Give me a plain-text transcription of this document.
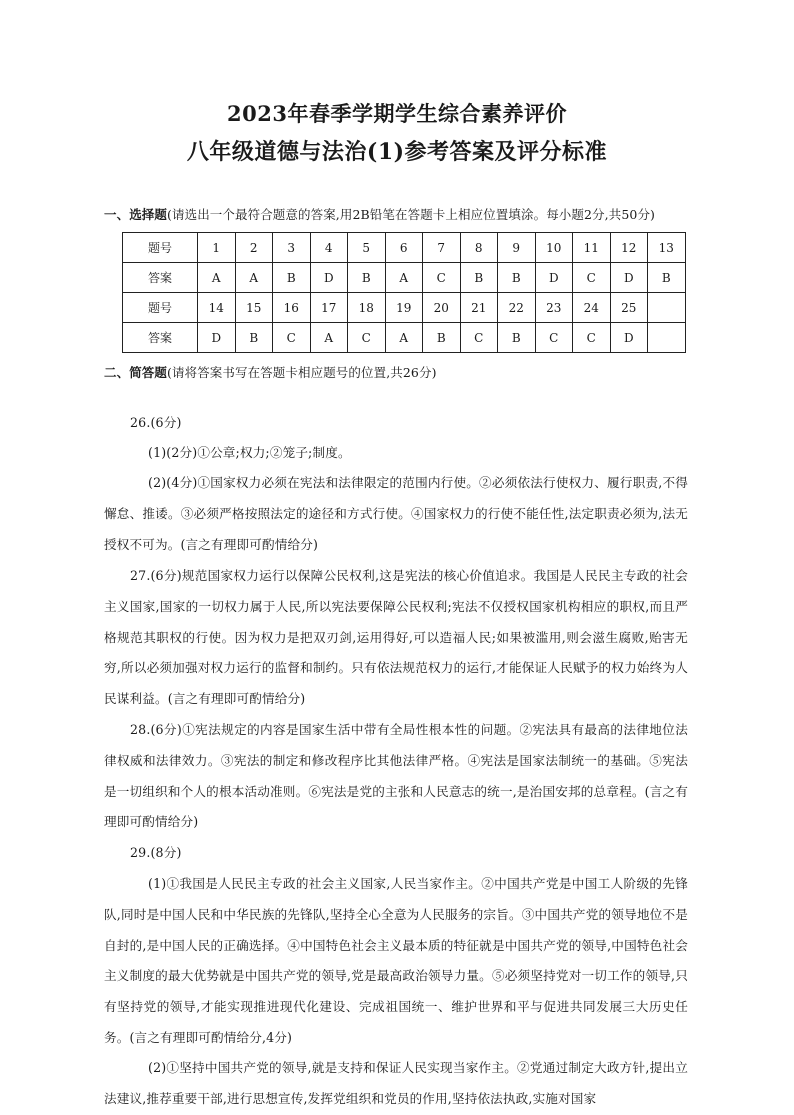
2023年春季学期学生综合素养评价
八年级道德与法治(1)参考答案及评分标准
一、选择题(请选出一个最符合题意的答案,用2B铅笔在答题卡上相应位置填涂。每小题2分,共50分)
题号	1	2	3	4	5	6	7	8	9	10	11	12	13
答案	A	A	B	D	B	A	C	B	B	D	C	D	B
题号	14	15	16	17	18	19	20	21	22	23	24	25	
答案	D	B	C	A	C	A	B	C	B	C	C	D	
二、简答题(请将答案书写在答题卡相应题号的位置,共26分)
26.(6分)
(1)(2分)①公章;权力;②笼子;制度。
(2)(4分)①国家权力必须在宪法和法律限定的范围内行使。②必须依法行使权力、履行职责,不得懈怠、推诿。③必须严格按照法定的途径和方式行使。④国家权力的行使不能任性,法定职责必须为,法无授权不可为。(言之有理即可酌情给分)
27.(6分)规范国家权力运行以保障公民权利,这是宪法的核心价值追求。我国是人民民主专政的社会主义国家,国家的一切权力属于人民,所以宪法要保障公民权利;宪法不仅授权国家机构相应的职权,而且严格规范其职权的行使。因为权力是把双刃剑,运用得好,可以造福人民;如果被滥用,则会滋生腐败,贻害无穷,所以必须加强对权力运行的监督和制约。只有依法规范权力的运行,才能保证人民赋予的权力始终为人民谋利益。(言之有理即可酌情给分)
28.(6分)①宪法规定的内容是国家生活中带有全局性根本性的问题。②宪法具有最高的法律地位法律权威和法律效力。③宪法的制定和修改程序比其他法律严格。④宪法是国家法制统一的基础。⑤宪法是一切组织和个人的根本活动准则。⑥宪法是党的主张和人民意志的统一,是治国安邦的总章程。(言之有理即可酌情给分)
29.(8分)
(1)①我国是人民民主专政的社会主义国家,人民当家作主。②中国共产党是中国工人阶级的先锋队,同时是中国人民和中华民族的先锋队,坚持全心全意为人民服务的宗旨。③中国共产党的领导地位不是自封的,是中国人民的正确选择。④中国特色社会主义最本质的特征就是中国共产党的领导,中国特色社会主义制度的最大优势就是中国共产党的领导,党是最高政治领导力量。⑤必须坚持党对一切工作的领导,只有坚持党的领导,才能实现推进现代化建设、完成祖国统一、维护世界和平与促进共同发展三大历史任务。(言之有理即可酌情给分,4分)
(2)①坚持中国共产党的领导,就是支持和保证人民实现当家作主。②党通过制定大政方针,提出立法建议,推荐重要干部,进行思想宣传,发挥党组织和党员的作用,坚持依法执政,实施对国家
